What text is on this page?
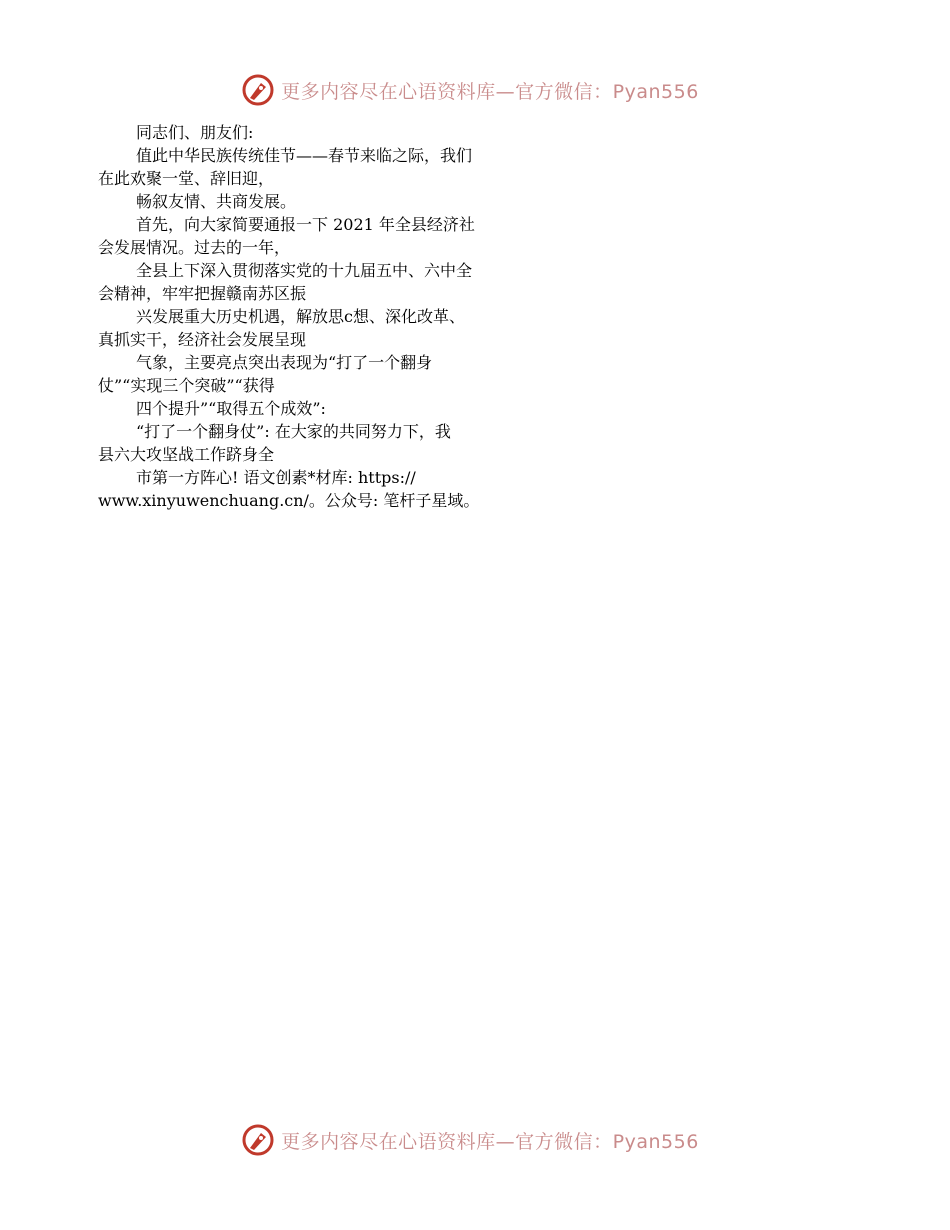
更多内容尽在心语资料库—官方微信：Pyan556
同志们、朋友们:
值此中华民族传统佳节——春节来临之际，我们
在此欢聚一堂、辞旧迎，
畅叙友情、共商发展。
首先，向大家简要通报一下 2021 年全县经济社
会发展情况。过去的一年，
全县上下深入贯彻落实党的十九届五中、六中全
会精神，牢牢把握赣南苏区振
兴发展重大历史机遇，解放思c想、深化改革、
真抓实干，经济社会发展呈现
气象，主要亮点突出表现为“打了一个翻身
仗”“实现三个突破”“获得
四个提升”“取得五个成效”:
“打了一个翻身仗”: 在大家的共同努力下，我
县六大攻坚战工作跻身全
市第一方阵心! 语文创素*材库: https://
www.xinyuwenchuang.cn/。公众号: 笔杆子星域。
更多内容尽在心语资料库—官方微信：Pyan556
